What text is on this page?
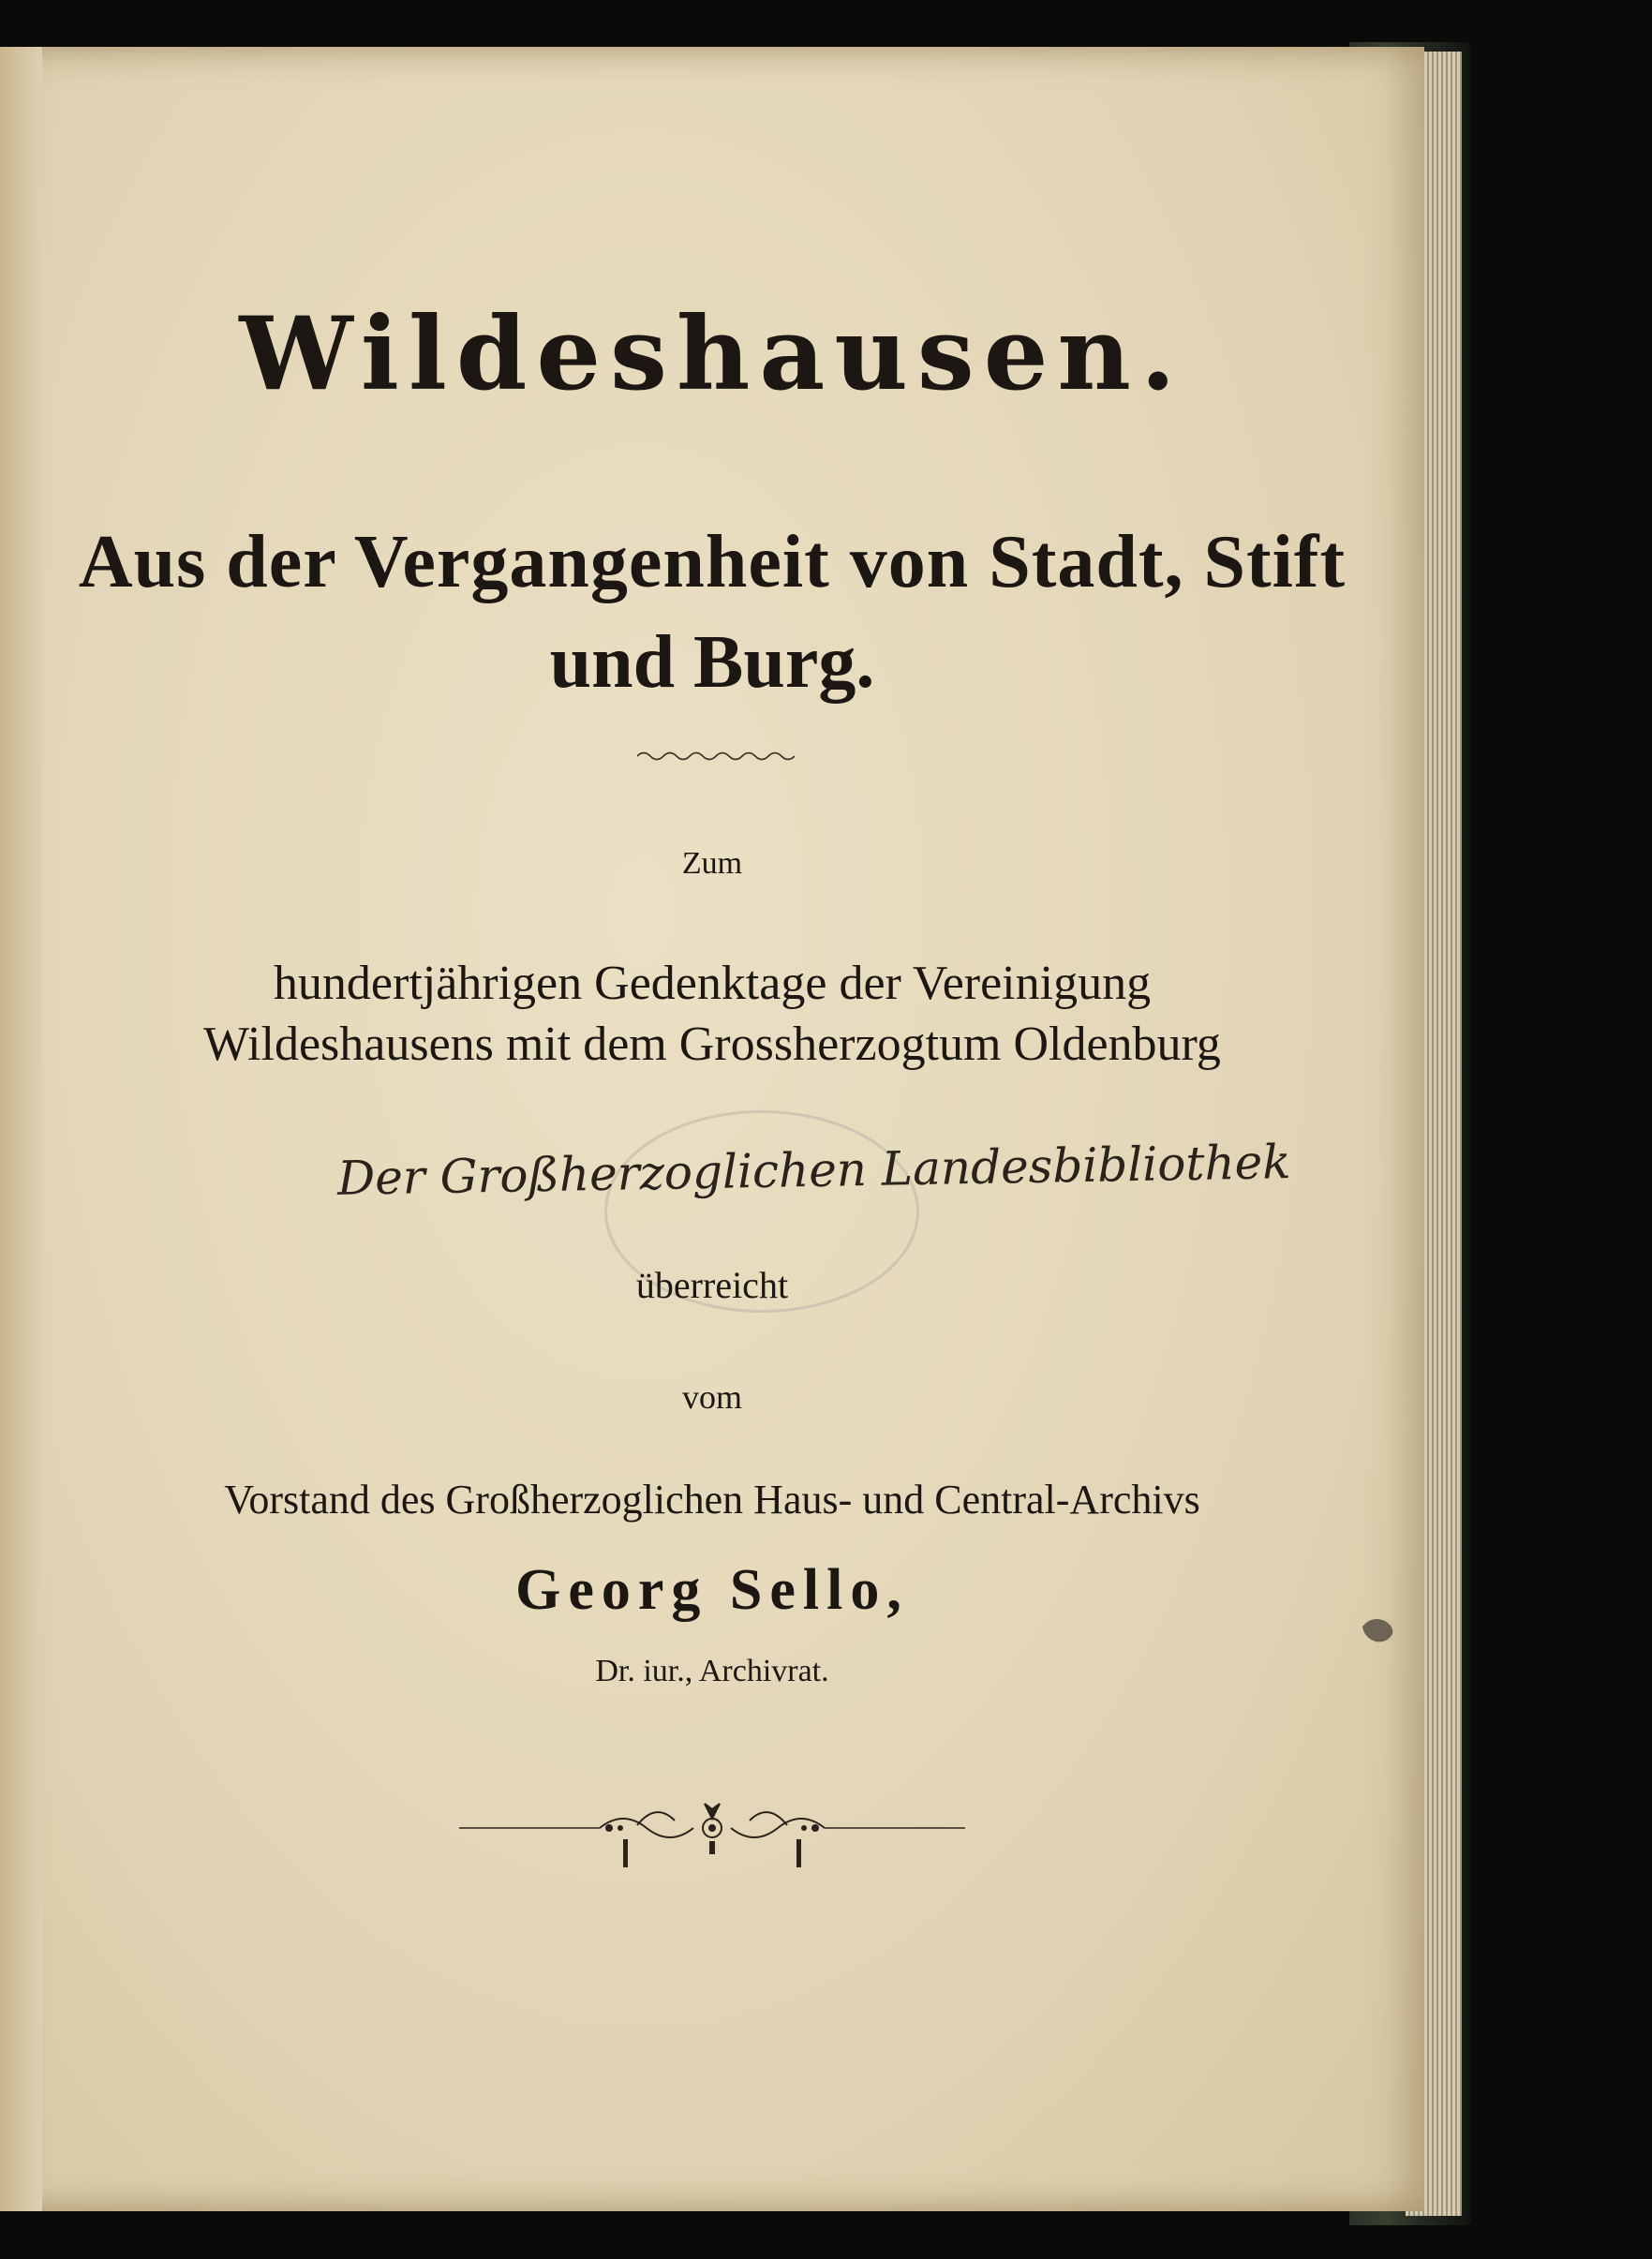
Wildeshausen.
Aus der Vergangenheit von Stadt, Stift
und Burg.
Zum
hundertjährigen Gedenktage der Vereinigung
Wildeshausens mit dem Grossherzogtum Oldenburg
Der Großherzoglichen Landesbibliothek
überreicht
vom
Vorstand des Großherzoglichen Haus- und Central-Archivs
Georg Sello,
Dr. iur., Archivrat.
